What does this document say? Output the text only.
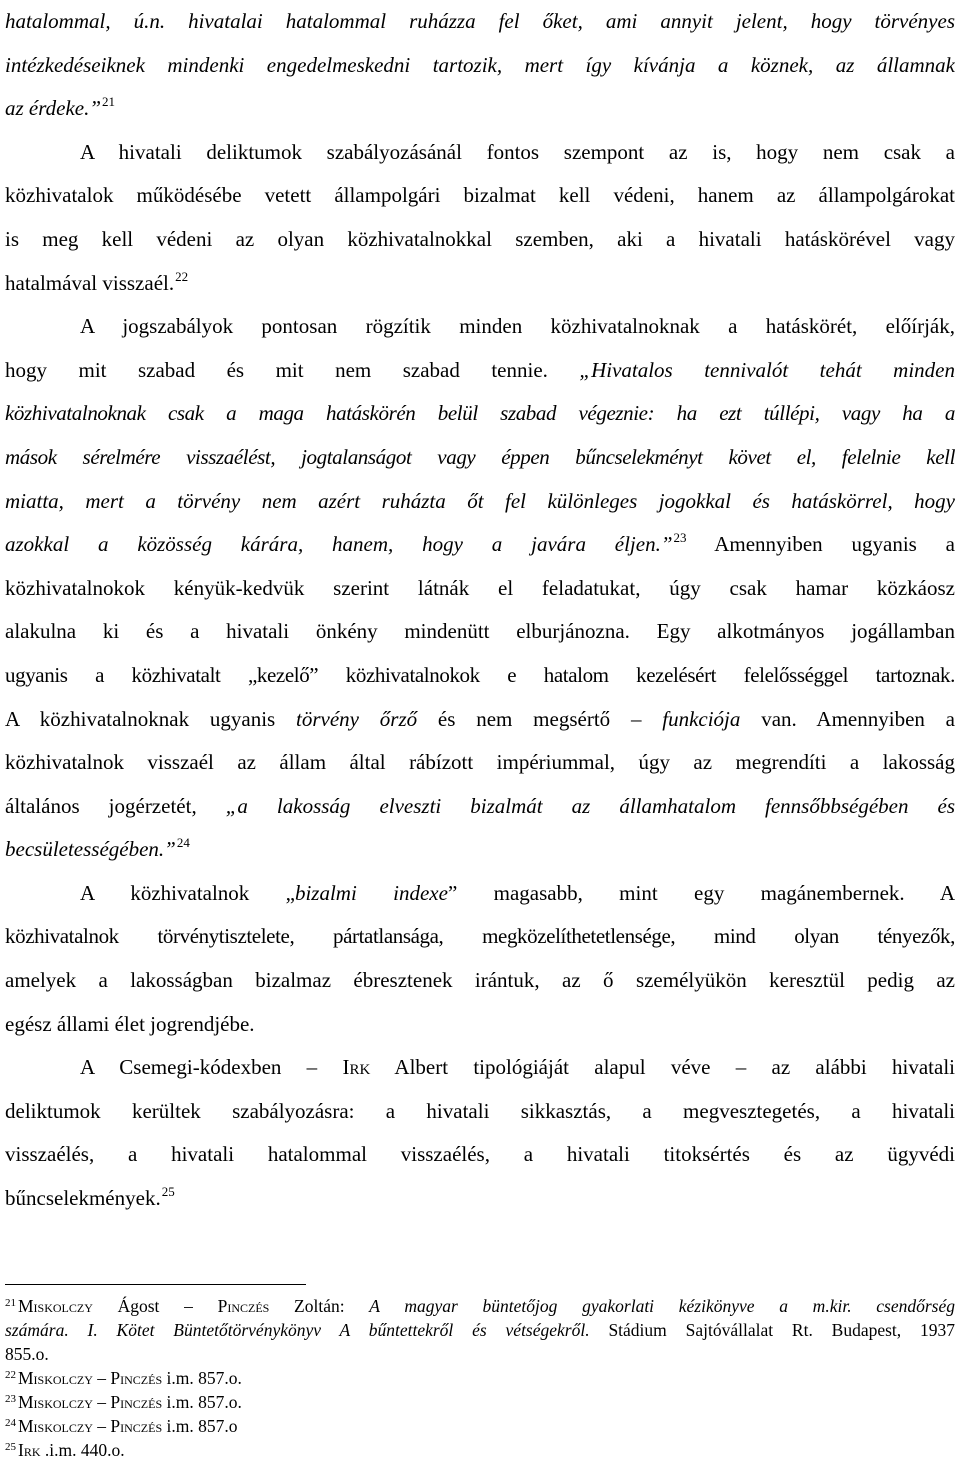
hatalommal, ú.n. hivatalai hatalommal ruházza fel őket, ami annyit jelent, hogy törvényes
intézkedéseiknek mindenki engedelmeskedni tartozik, mert így kívánja a köznek, az államnak
az érdeke.”$^{21}$
A hivatali deliktumok szabályozásánál fontos szempont az is, hogy nem csak a
közhivatalok működésébe vetett állampolgári bizalmat kell védeni, hanem az állampolgárokat
is meg kell védeni az olyan közhivatalnokkal szemben, aki a hivatali hatáskörével vagy
hatalmával visszaél.$^{22}$
A jogszabályok pontosan rögzítik minden közhivatalnoknak a hatáskörét, előírják,
hogy mit szabad és mit nem szabad tennie. „Hivatalos tennivalót tehát minden
közhivatalnoknak csak a maga hatáskörén belül szabad végeznie: ha ezt túllépi, vagy ha a
mások sérelmére visszaélést, jogtalanságot vagy éppen bűncselekményt követ el, felelnie kell
miatta, mert a törvény nem azért ruházta őt fel különleges jogokkal és hatáskörrel, hogy
azokkal a közösség kárára, hanem, hogy a javára éljen.”$^{23}$ Amennyiben ugyanis a
közhivatalnokok kényük-kedvük szerint látnák el feladatukat, úgy csak hamar közkáosz
alakulna ki és a hivatali önkény mindenütt elburjánozna. Egy alkotmányos jogállamban
ugyanis a közhivatalt „kezelő” közhivatalnokok e hatalom kezelésért felelősséggel tartoznak.
A közhivatalnoknak ugyanis törvény őrző és nem megsértő – funkciója van. Amennyiben a
közhivatalnok visszaél az állam által rábízott impériummal, úgy az megrendíti a lakosság
általános jogérzetét, „a lakosság elveszti bizalmát az államhatalom fennsőbbségében és
becsületességében.”$^{24}$
A közhivatalnok „bizalmi indexe” magasabb, mint egy magánembernek. A
közhivatalnok törvénytisztelete, pártatlansága, megközelíthetetlensége, mind olyan tényezők,
amelyek a lakosságban bizalmaz ébresztenek irántuk, az ő személyükön keresztül pedig az
egész állami élet jogrendjébe.
A Csemegi-kódexben – Irk Albert tipológiáját alapul véve – az alábbi hivatali
deliktumok kerültek szabályozásra: a hivatali sikkasztás, a megvesztegetés, a hivatali
visszaélés, a hivatali hatalommal visszaélés, a hivatali titoksértés és az ügyvédi
bűncselekmények.$^{25}$
$^{21}$ Miskolczy Ágost – Pinczés Zoltán: A magyar büntetőjog gyakorlati kézikönyve a m.kir. csendőrség
számára. I. Kötet Büntetőtörvénykönyv A bűntettekről és vétségekről. Stádium Sajtóvállalat Rt. Budapest, 1937
855.o.
$^{22}$ Miskolczy – Pinczés i.m. 857.o.
$^{23}$ Miskolczy – Pinczés i.m. 857.o.
$^{24}$ Miskolczy – Pinczés i.m. 857.o
$^{25}$ Irk .i.m. 440.o.
